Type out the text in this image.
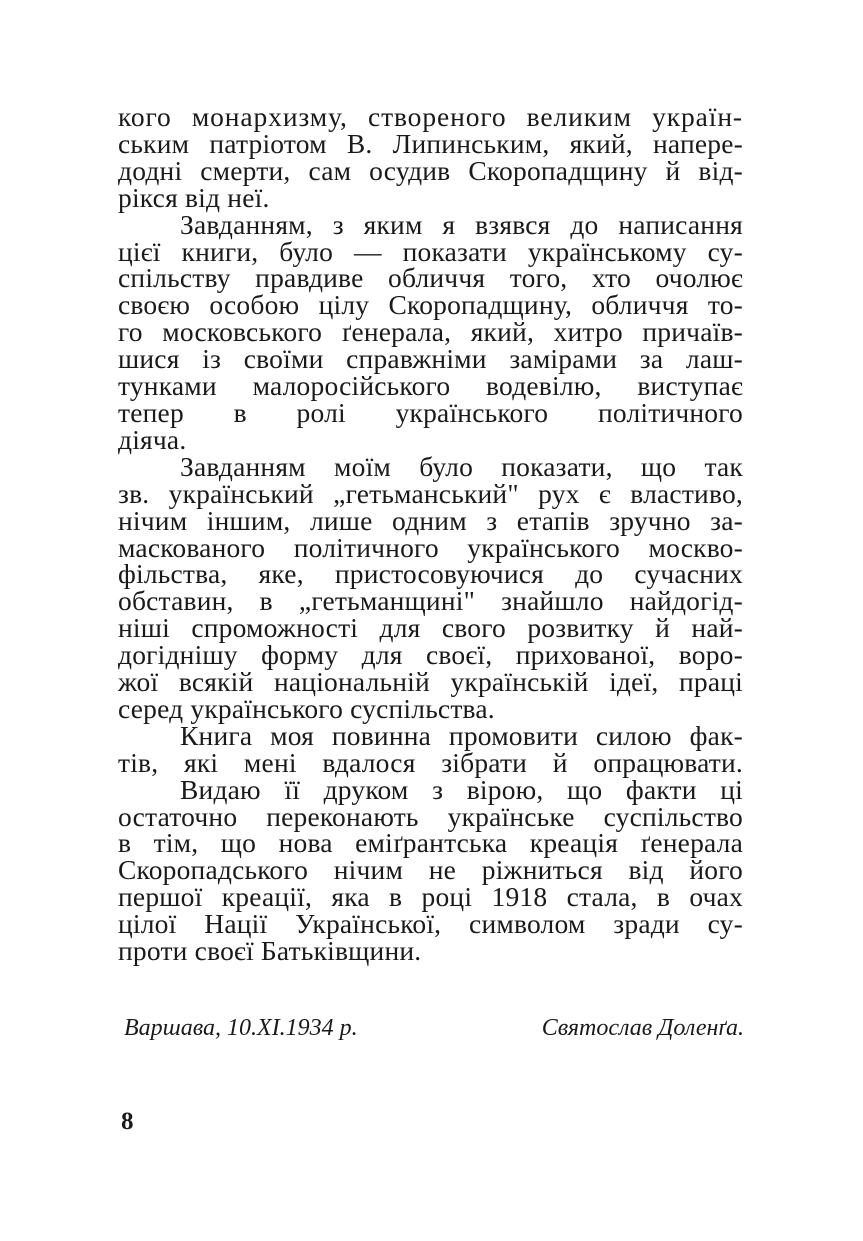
кого монархизму, створеного великим україн-
ським патріотом В. Липинським, який, напере-
додні смерти, сам осудив Скоропадщину й від-
рікся від неї.
Завданням, з яким я взявся до написання
цієї книги, було — показати українському су-
спільству правдиве обличчя того, хто очолює
своєю особою цілу Скоропадщину, обличчя то-
го московського ґенерала, який, хитро причаїв-
шися із своїми справжніми замірами за лаш-
тунками малоросійського водевілю, виступає
тепер в ролі українського політичного
діяча.
Завданням моїм було показати, що так
зв. український „гетьманський" рух є властиво,
нічим іншим, лише одним з етапів зручно за-
маскованого політичного українського москво-
фільства, яке, пристосовуючися до сучасних
обставин, в „гетьманщині" знайшло найдогід-
ніші спроможності для свого розвитку й най-
догіднішу форму для своєї, прихованої, воро-
жої всякій національній українській ідеї, праці
серед українського суспільства.
Книга моя повинна промовити силою фак-
тів, які мені вдалося зібрати й опрацювати.
Видаю її друком з вірою, що факти ці
остаточно переконають українське суспільство
в тім, що нова еміґрантська креація ґенерала
Скоропадського нічим не ріжниться від його
першої креації, яка в році 1918 стала, в очах
цілої Нації Української, символом зради су-
проти своєї Батьківщини.
Варшава, 10.XI.1934 р.	Святослав Доленґа.
8
